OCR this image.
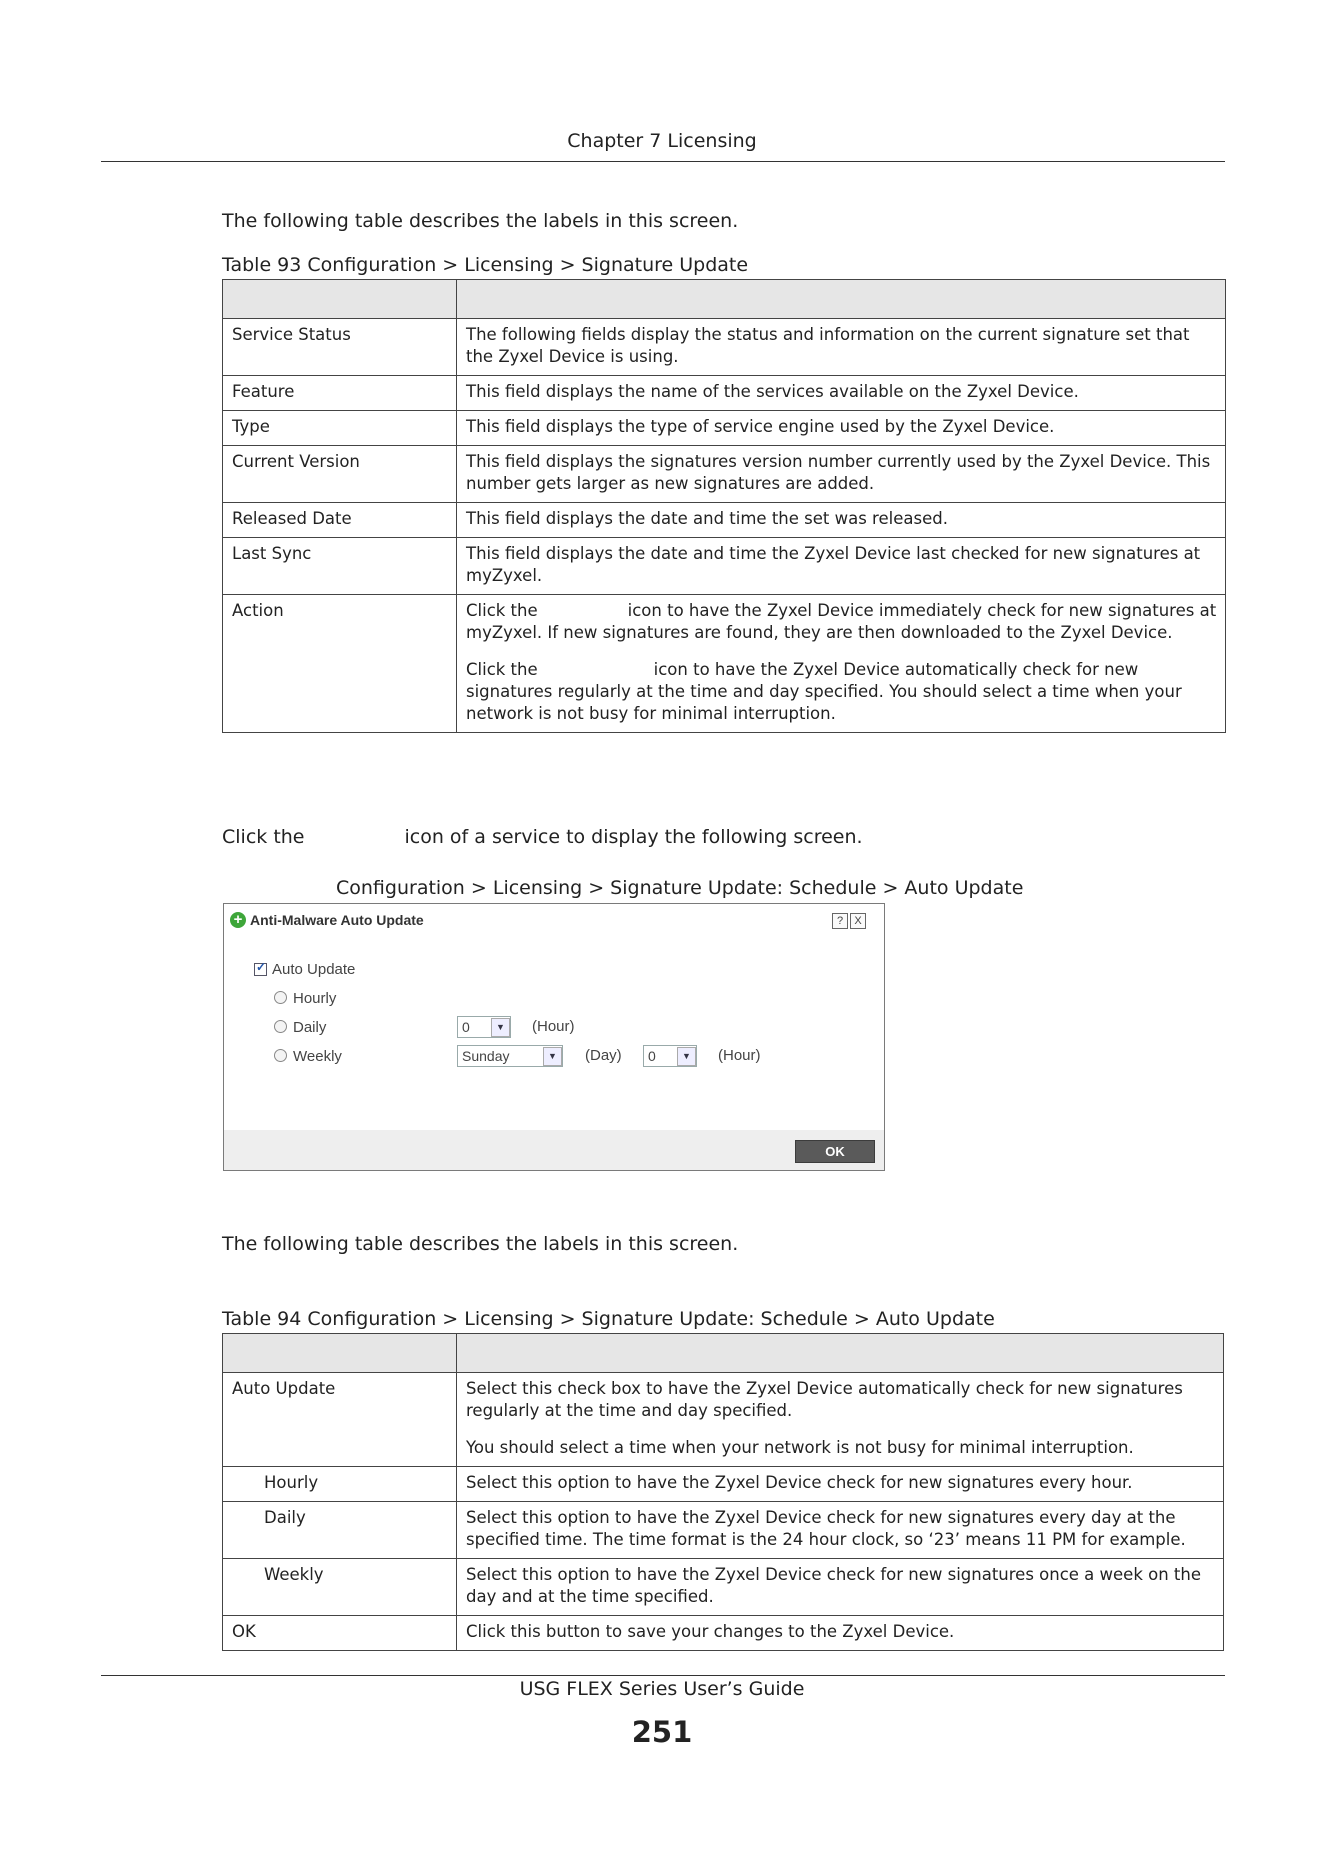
Chapter 7 Licensing
The following table describes the labels in this screen.
Table 93 Configuration > Licensing > Signature Update

Service Status	The following fields display the status and information on the current signature set that the Zyxel Device is using.
Feature	This field displays the name of the services available on the Zyxel Device.
Type	This field displays the type of service engine used by the Zyxel Device.
Current Version	This field displays the signatures version number currently used by the Zyxel Device. This number gets larger as new signatures are added.
Released Date	This field displays the date and time the set was released.
Last Sync	This field displays the date and time the Zyxel Device last checked for new signatures at myZyxel.
Action	Click the icon to have the Zyxel Device immediately check for new signatures at myZyxel. If new signatures are found, they are then downloaded to the Zyxel Device.

Click the icon to have the Zyxel Device automatically check for new signatures regularly at the time and day specified. You should select a time when your network is not busy for minimal interruption.

Click the	icon of a service to display the following screen.
Configuration > Licensing > Signature Update: Schedule > Auto Update
+ Anti-Malware Auto Update	?	X
✓ Auto Update
Hourly
Daily	0	▼	(Hour)
Weekly	Sunday	▼	(Day) 0	▼	(Hour)
OK
The following table describes the labels in this screen.
Table 94 Configuration > Licensing > Signature Update: Schedule > Auto Update

Auto Update	Select this check box to have the Zyxel Device automatically check for new signatures regularly at the time and day specified.

You should select a time when your network is not busy for minimal interruption.

Hourly	Select this option to have the Zyxel Device check for new signatures every hour.
Daily	Select this option to have the Zyxel Device check for new signatures every day at the specified time. The time format is the 24 hour clock, so ‘23’ means 11 PM for example.
Weekly	Select this option to have the Zyxel Device check for new signatures once a week on the day and at the time specified.
OK	Click this button to save your changes to the Zyxel Device.
USG FLEX Series User’s Guide
251
